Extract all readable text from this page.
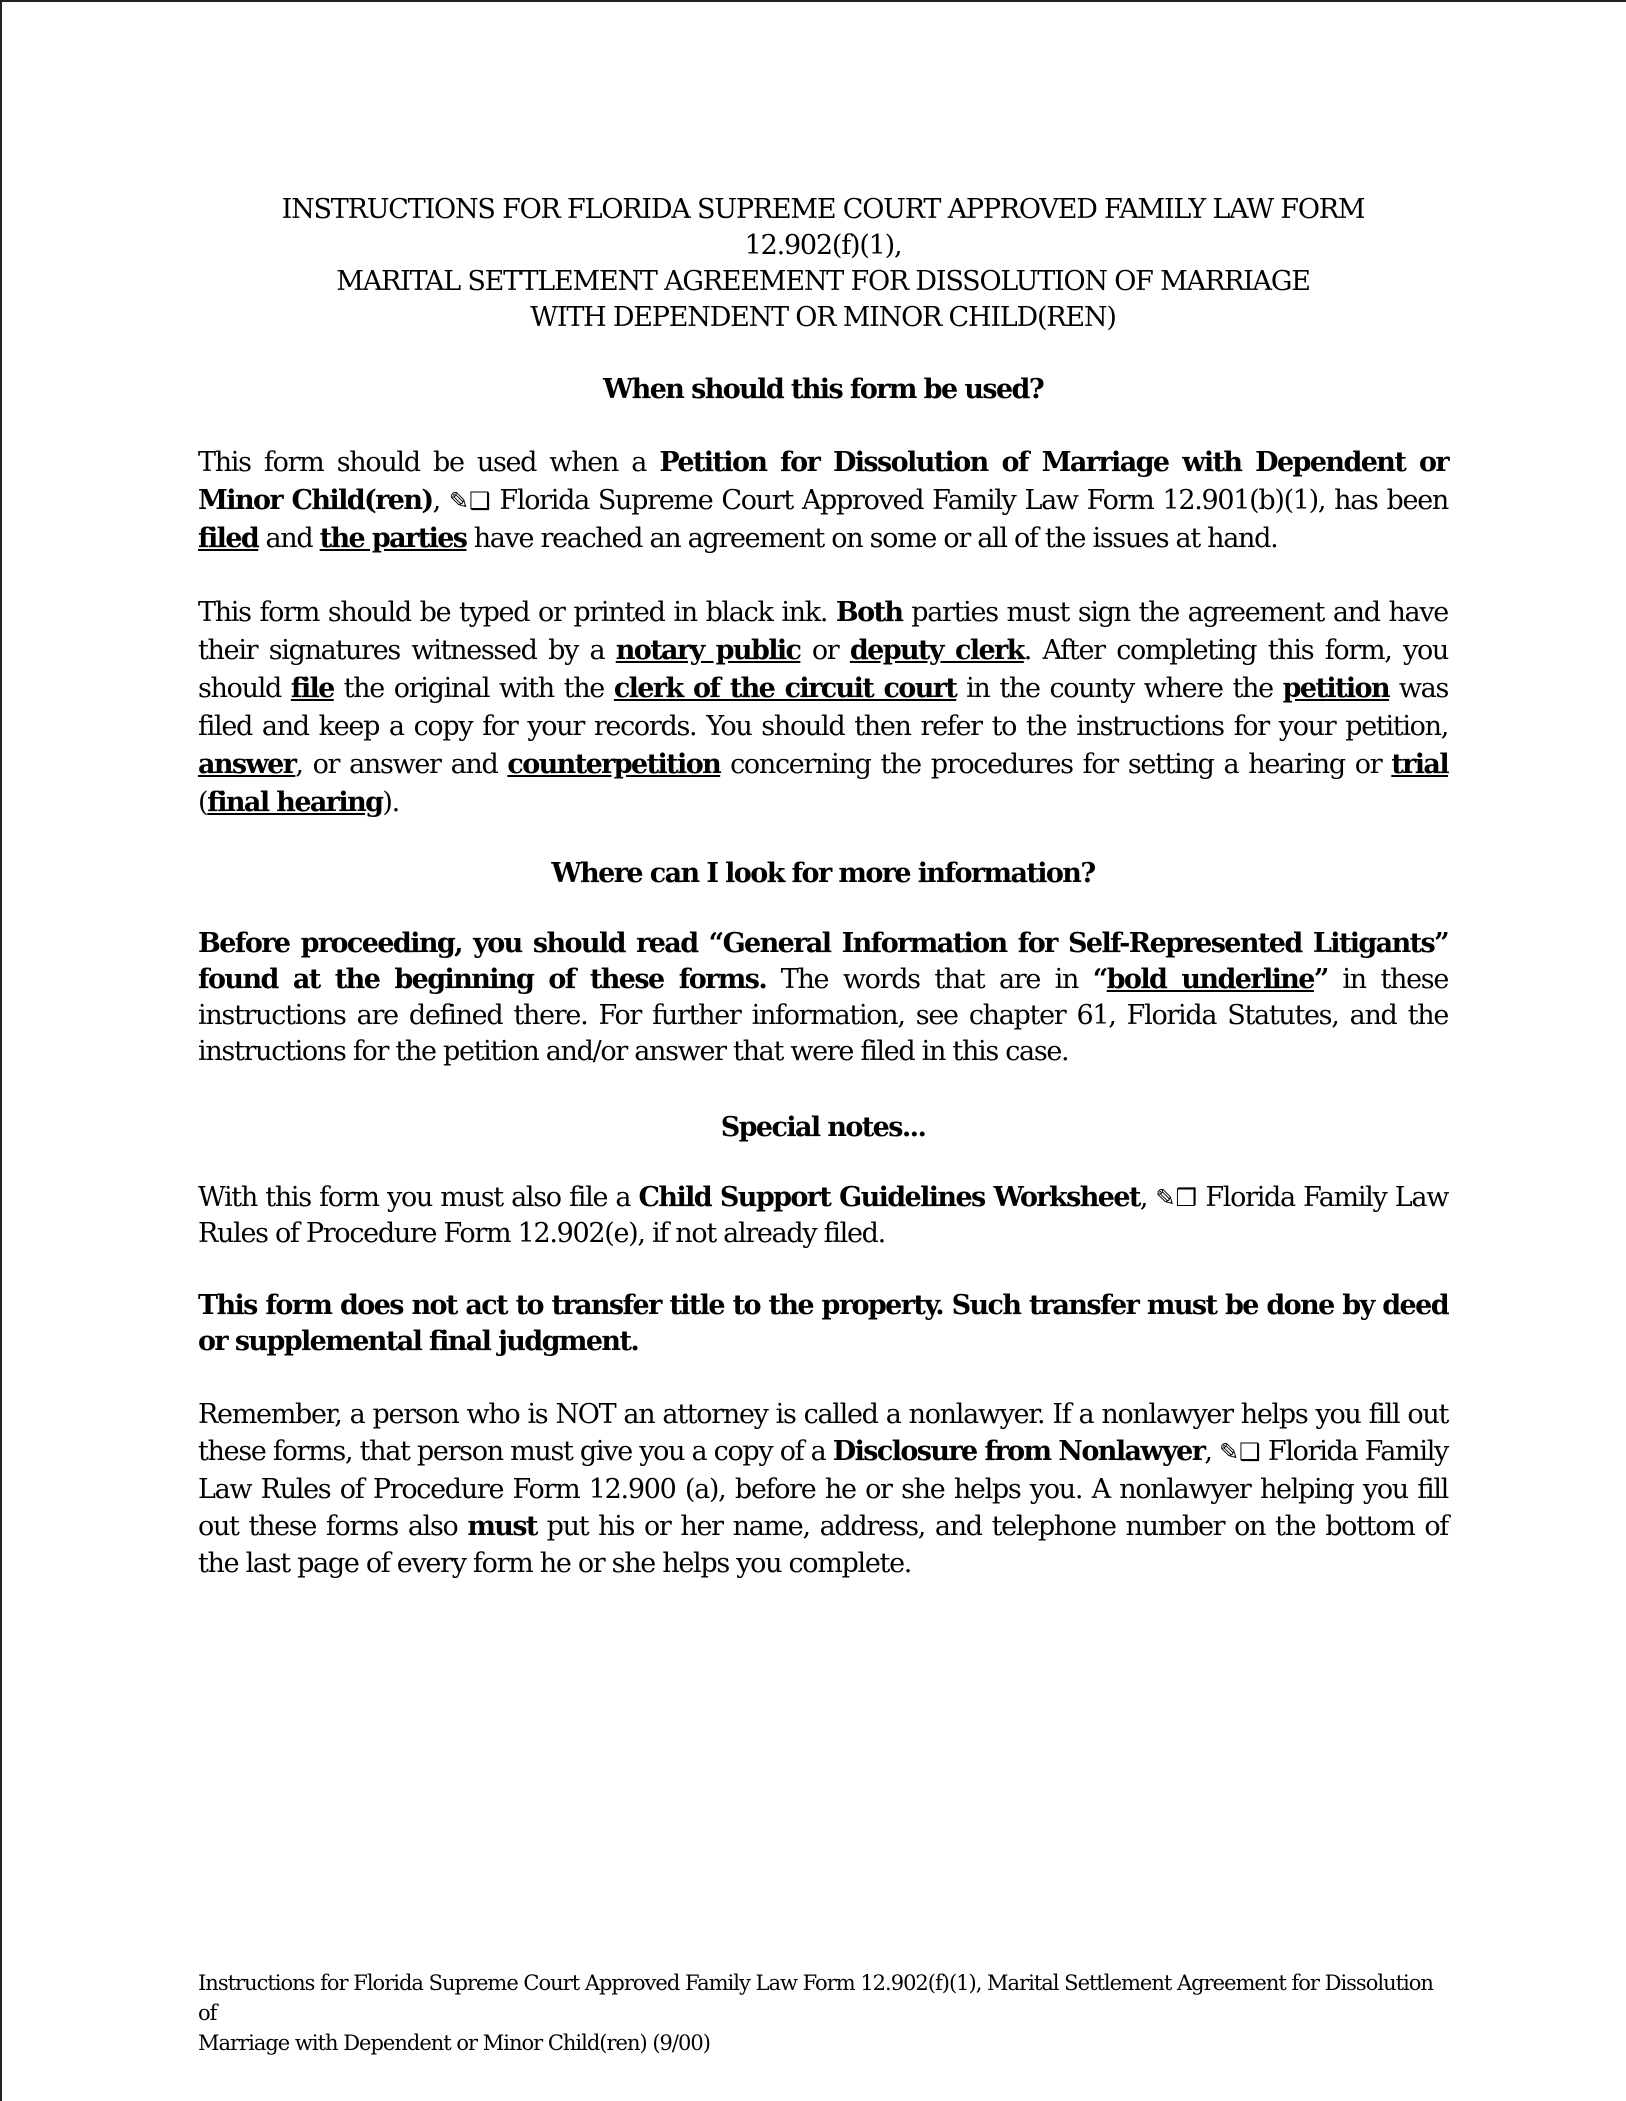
INSTRUCTIONS FOR FLORIDA SUPREME COURT APPROVED FAMILY LAW FORM

12.902(f)(1),

MARITAL SETTLEMENT AGREEMENT FOR DISSOLUTION OF MARRIAGE

WITH DEPENDENT OR MINOR CHILD(REN)

When should this form be used?

This form should be used when a Petition for Dissolution of Marriage with Dependent or Minor Child(ren), ✎❑ Florida Supreme Court Approved Family Law Form 12.901(b)(1), has been filed and the parties have reached an agreement on some or all of the issues at hand.

This form should be typed or printed in black ink. Both parties must sign the agreement and have their signatures witnessed by a notary public or deputy clerk. After completing this form, you should file the original with the clerk of the circuit court in the county where the petition was filed and keep a copy for your records. You should then refer to the instructions for your petition, answer, or answer and counterpetition concerning the procedures for setting a hearing or trial (final hearing).

Where can I look for more information?

Before proceeding, you should read “General Information for Self-Represented Litigants” found at the beginning of these forms. The words that are in “bold underline” in these instructions are defined there. For further information, see chapter 61, Florida Statutes, and the instructions for the petition and/or answer that were filed in this case.

Special notes...

With this form you must also file a Child Support Guidelines Worksheet, ✎❒ Florida Family Law Rules of Procedure Form 12.902(e), if not already filed.

This form does not act to transfer title to the property. Such transfer must be done by deed or supplemental final judgment.

Remember, a person who is NOT an attorney is called a nonlawyer. If a nonlawyer helps you fill out these forms, that person must give you a copy of a Disclosure from Nonlawyer, ✎❑ Florida Family Law Rules of Procedure Form 12.900 (a), before he or she helps you. A nonlawyer helping you fill out these forms also must put his or her name, address, and telephone number on the bottom of the last page of every form he or she helps you complete.

Instructions for Florida Supreme Court Approved Family Law Form 12.902(f)(1), Marital Settlement Agreement for Dissolution of
Marriage with Dependent or Minor Child(ren) (9/00)
